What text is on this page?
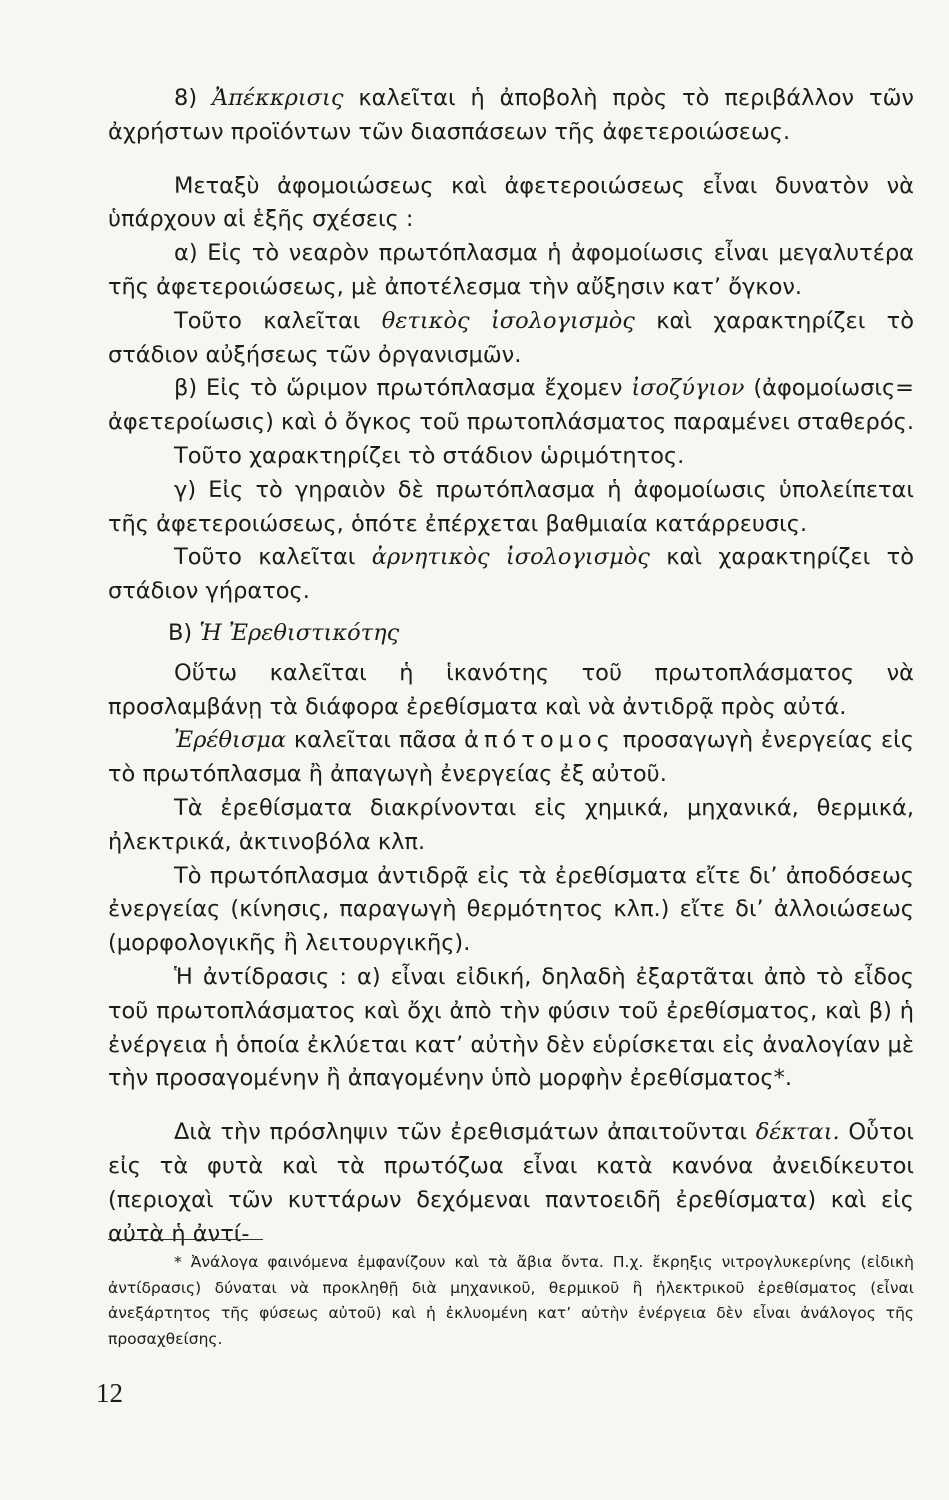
8) Ἀπέκκρισις καλεῖται ἡ ἀποβολὴ πρὸς τὸ περιβάλλον τῶν ἀχρήστων προϊόντων τῶν διασπάσεων τῆς ἀφετεροιώσεως.

Μεταξὺ ἀφομοιώσεως καὶ ἀφετεροιώσεως εἶναι δυνατὸν νὰ ὑπάρχουν αἱ ἑξῆς σχέσεις :

α) Εἰς τὸ νεαρὸν πρωτόπλασμα ἡ ἀφομοίωσις εἶναι μεγαλυτέρα τῆς ἀφετεροιώσεως, μὲ ἀποτέλεσμα τὴν αὔξησιν κατ’ ὄγκον.

Τοῦτο καλεῖται θετικὸς ἰσολογισμὸς καὶ χαρακτηρίζει τὸ στάδιον αὐξήσεως τῶν ὀργανισμῶν.

β) Εἰς τὸ ὥριμον πρωτόπλασμα ἔχομεν ἰσοζύγιον (ἀφομοίωσις= ἀφετεροίωσις) καὶ ὁ ὄγκος τοῦ πρωτοπλάσματος παραμένει σταθερός.

Τοῦτο χαρακτηρίζει τὸ στάδιον ὡριμότητος.

γ) Εἰς τὸ γηραιὸν δὲ πρωτόπλασμα ἡ ἀφομοίωσις ὑπολείπεται τῆς ἀφετεροιώσεως, ὁπότε ἐπέρχεται βαθμιαία κατάρρευσις.

Τοῦτο καλεῖται ἀρνητικὸς ἰσολογισμὸς καὶ χαρακτηρίζει τὸ στάδιον γήρατος.

Β) Ἡ Ἐρεθιστικότης

Οὕτω καλεῖται ἡ ἱκανότης τοῦ πρωτοπλάσματος νὰ προσλαμβάνῃ τὰ διάφορα ἐρεθίσματα καὶ νὰ ἀντιδρᾷ πρὸς αὐτά.

Ἐρέθισμα καλεῖται πᾶσα ἀπότομος προσαγωγὴ ἐνεργείας εἰς τὸ πρωτόπλασμα ἢ ἀπαγωγὴ ἐνεργείας ἐξ αὐτοῦ.

Τὰ ἐρεθίσματα διακρίνονται εἰς χημικά, μηχανικά, θερμικά, ἠλεκτρικά, ἀκτινοβόλα κλπ.

Τὸ πρωτόπλασμα ἀντιδρᾷ εἰς τὰ ἐρεθίσματα εἴτε δι’ ἀποδόσεως ἐνεργείας (κίνησις, παραγωγὴ θερμότητος κλπ.) εἴτε δι’ ἀλλοιώσεως (μορφολογικῆς ἢ λειτουργικῆς).

Ἡ ἀντίδρασις : α) εἶναι εἰδική, δηλαδὴ ἐξαρτᾶται ἀπὸ τὸ εἶδος τοῦ πρωτοπλάσματος καὶ ὄχι ἀπὸ τὴν φύσιν τοῦ ἐρεθίσματος, καὶ β) ἡ ἐνέργεια ἡ ὁποία ἐκλύεται κατ’ αὐτὴν δὲν εὑρίσκεται εἰς ἀναλογίαν μὲ τὴν προσαγομένην ἢ ἀπαγομένην ὑπὸ μορφὴν ἐρεθίσματος*.

Διὰ τὴν πρόσληψιν τῶν ἐρεθισμάτων ἀπαιτοῦνται δέκται. Οὗτοι εἰς τὰ φυτὰ καὶ τὰ πρωτόζωα εἶναι κατὰ κανόνα ἀνειδίκευτοι (περιοχαὶ τῶν κυττάρων δεχόμεναι παντοειδῆ ἐρεθίσματα) καὶ εἰς αὐτὰ ἡ ἀντί-

* Ἀνάλογα φαινόμενα ἐμφανίζουν καὶ τὰ ἄβια ὄντα. Π.χ. ἔκρηξις νιτρογλυκερίνης (εἰδικὴ ἀντίδρασις) δύναται νὰ προκληθῇ διὰ μηχανικοῦ, θερμικοῦ ἢ ἠλεκτρικοῦ ἐρεθίσματος (εἶναι ἀνεξάρτητος τῆς φύσεως αὐτοῦ) καὶ ἡ ἐκλυομένη κατ’ αὐτὴν ἐνέργεια δὲν εἶναι ἀνάλογος τῆς προσαχθείσης.

12
